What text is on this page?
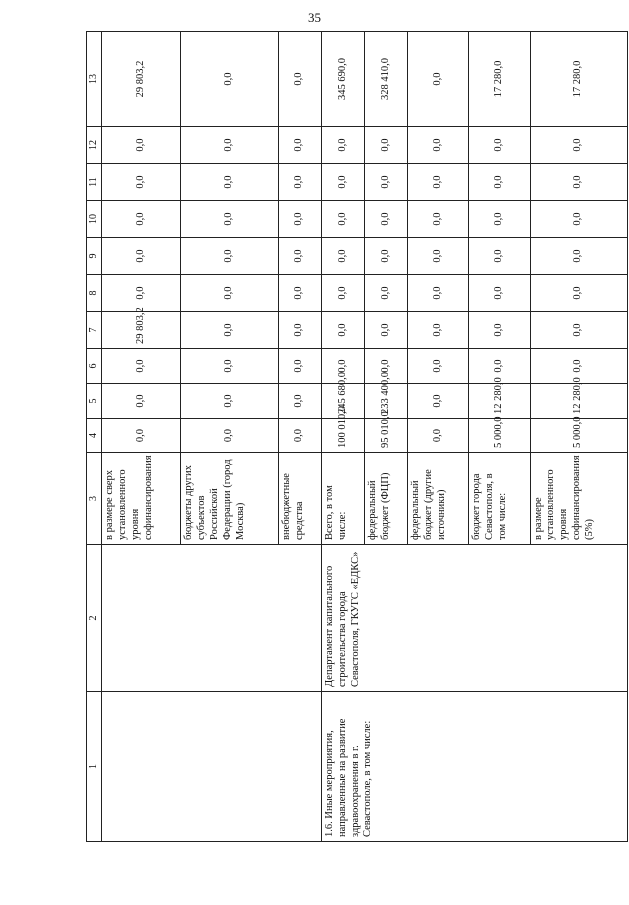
35
1	2	3	4	5	6	7	8	9	10	11	12	13
		в размере сверх установленного уровня софинансирования	0,0	0,0	0,0	29 803,2	0,0	0,0	0,0	0,0	0,0	29 803,2
		бюджеты других субъектов Российской Федерации (город Москва)	0,0	0,0	0,0	0,0	0,0	0,0	0,0	0,0	0,0	0,0
		внебюджетные средства	0,0	0,0	0,0	0,0	0,0	0,0	0,0	0,0	0,0	0,0
1.6. Иные мероприятия, направленные на развитие здравоохранения в г. Севастополе, в том числе:	Департамент капитального строительства города Севастополя, ГКУГС «ЕДКС»	Всего, в том числе:	100 010,0	245 680,0	0,0	0,0	0,0	0,0	0,0	0,0	0,0	345 690,0
		федеральный бюджет (ФЦП)	95 010,0	233 400,0	0,0	0,0	0,0	0,0	0,0	0,0	0,0	328 410,0
		федеральный бюджет (другие источники)	0,0	0,0	0,0	0,0	0,0	0,0	0,0	0,0	0,0	0,0
		бюджет города Севастополя, в том числе:	5 000,0	12 280,0	0,0	0,0	0,0	0,0	0,0	0,0	0,0	17 280,0
		в размере установленного уровня софинансирования (5%)	5 000,0	12 280,0	0,0	0,0	0,0	0,0	0,0	0,0	0,0	17 280,0
